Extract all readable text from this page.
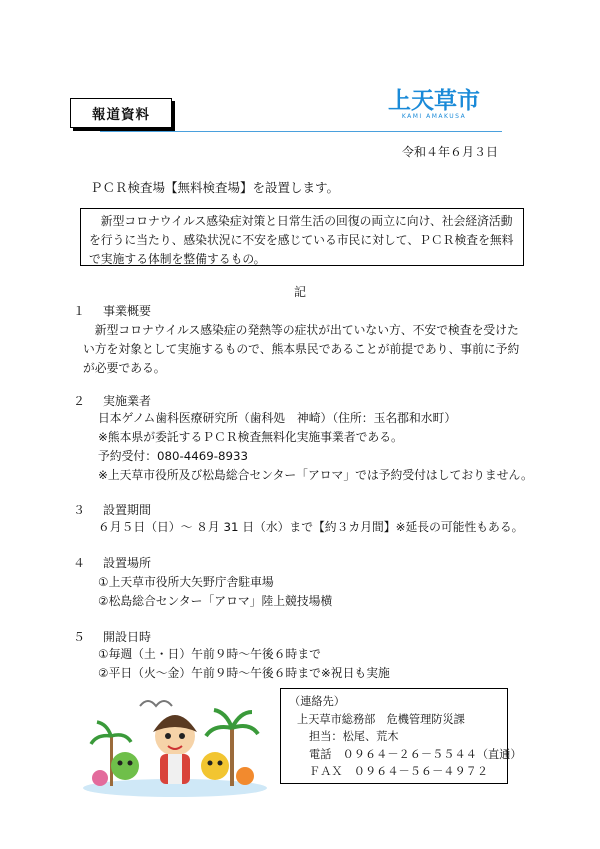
報道資料
上天草市
KAMI AMAKUSA
令和４年６月３日
ＰＣＲ検査場【無料検査場】を設置します。

新型コロナウイルス感染症対策と日常生活の回復の両立に向け、社会経済活動を行うに当たり、感染状況に不安を感じている市民に対して、ＰＣＲ検査を無料で実施する体制を整備するもの。

記
１ 事業概要

新型コロナウイルス感染症の発熱等の症状が出ていない方、不安で検査を受けたい方を対象として実施するもので、熊本県民であることが前提であり、事前に予約が必要である。

２ 実施業者
日本ゲノム歯科医療研究所（歯科処　神崎）（住所：玉名郡和水町）
※熊本県が委託するＰＣＲ検査無料化実施事業者である。
予約受付：080-4469-8933
※上天草市役所及び松島総合センター「アロマ」では予約受付はしておりません。
３ 設置期間
６月５日（日）～ ８月 31 日（水）まで【約３カ月間】※延長の可能性もある。
４ 設置場所
①上天草市役所大矢野庁舎駐車場
②松島総合センター「アロマ」陸上競技場横
５ 開設日時
①毎週（土・日）午前９時～午後６時まで
②平日（火～金）午前９時～午後６時まで※祝日も実施
（連絡先）
上天草市総務部　危機管理防災課
担当：松尾、荒木
電話　０９６４－２６－５５４４（直通）
ＦＡＸ　０９６４－５６－４９７２
